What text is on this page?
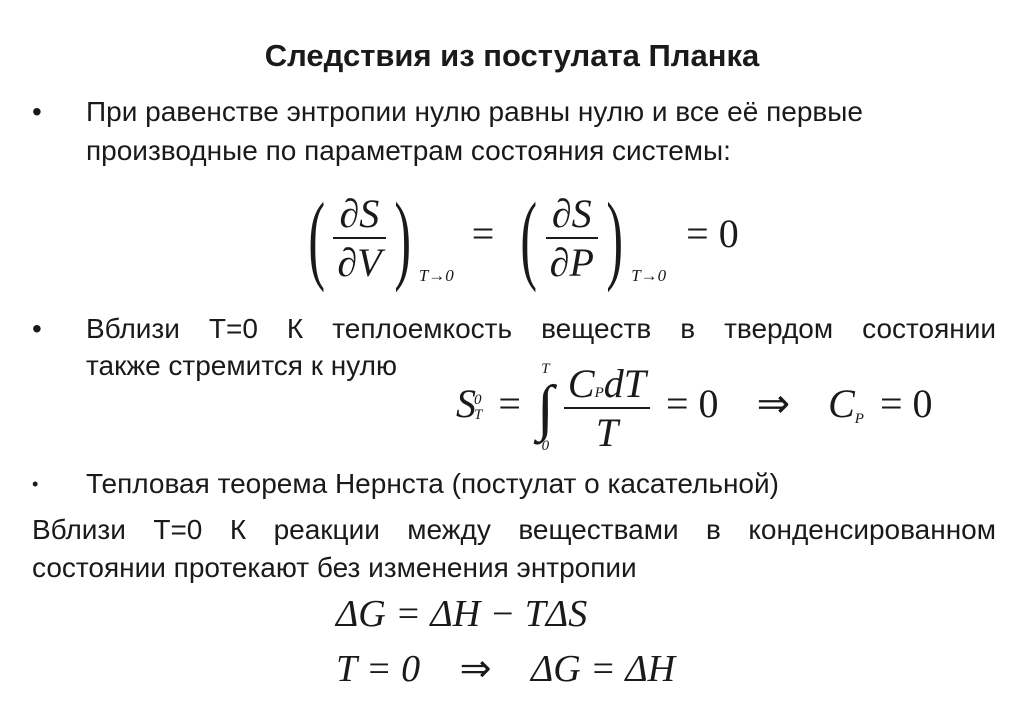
Следствия из постулата Планка
• При равенстве энтропии нулю равны нулю и все её первые
производные по параметрам состояния системы:
( $\frac{\partial S}{\partial V}$ ) $_{T\to 0}$ = ( $\frac{\partial S}{\partial P}$ ) $_{T\to 0}$ = 0
• Вблизи Т=0 К теплоемкость веществ в твердом состоянии
также стремится к нулю
S
0
T =
T
∫
0
$\frac{\text{CPdT}}{T} = 0$ ⇒ CP = 0
• Тепловая теорема Нернста (постулат о касательной)
Вблизи Т=0 К реакции между веществами в конденсированном
состоянии протекают без изменения энтропии
ΔG = ΔH − TΔS
T = 0 ⇒ ΔG = ΔH
